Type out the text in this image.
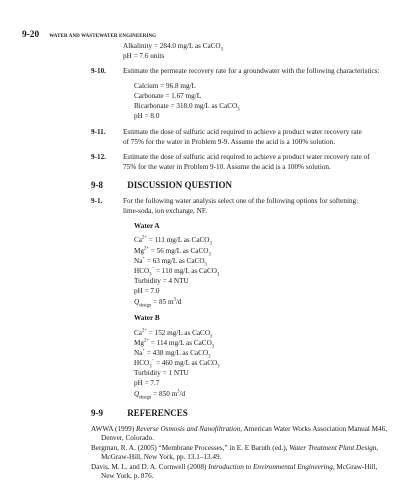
9-20 WATER AND WASTEWATER ENGINEERING
Alkalinity = 284.0 mg/L as CaCO$_3$
pH = 7.6 units
9-10. Estimate the permeate recovery rate for a groundwater with the following characteristics:
Calcium = 96.8 mg/L
Carbonate = 1.67 mg/L
Bicarbonate = 318.0 mg/L as CaCO$_3$
pH = 8.0
9-11. Estimate the dose of sulfuric acid required to achieve a product water recovery rate
of 75% for the water in Problem 9-9. Assume the acid is a 100% solution.
9-12. Estimate the dose of sulfuric acid required to achieve a product water recovery rate of
75% for the water in Problem 9-10. Assume the acid is a 100% solution.
9-8	DISCUSSION QUESTION
9-1.	For the following water analysis select one of the following options for softening:
lime-soda, ion exchange, NF.
Water A
$Ca^{2+} = 111$ mg/L as CaCO$_3$
$Mg^{2+} = 56$ mg/L as CaCO$_3$
Na+ = 63 mg/L as CaCO$_3$
$HCO_3^- = 110$ mg/L as CaCO$_3$
Turbidity = 4 NTU
pH = 7.0
$Q_{design} = 85$ $m^3/d$
Water B
$Ca^{2+} = 152$ mg/L as CaCO$_3$
$Mg^{2+} = 114$ mg/L as CaCO$_3$
Na+ = 438 mg/L as CaCO$_3$
$HCO_3^- = 460$ mg/L as CaCO$_3$
Turbidity = 1 NTU
pH = 7.7
$Q_{design} = 850$ $m^3/d$
9-9	REFERENCES
AWWA (1999) Reverse Osmosis and Nanofiltration, American Water Works Association Manual M46,
Denver, Colorado.
Bergman, R. A. (2005) “Membrane Processes,” in E. E Baruth (ed.), Water Treatment Plant Design,
McGraw-Hill, New York, pp. 13.1–13.49.
Davis, M. L. and D. A. Cornwell (2008) Introduction to Environmental Engineering, McGraw-Hill,
New York, p. 876.
